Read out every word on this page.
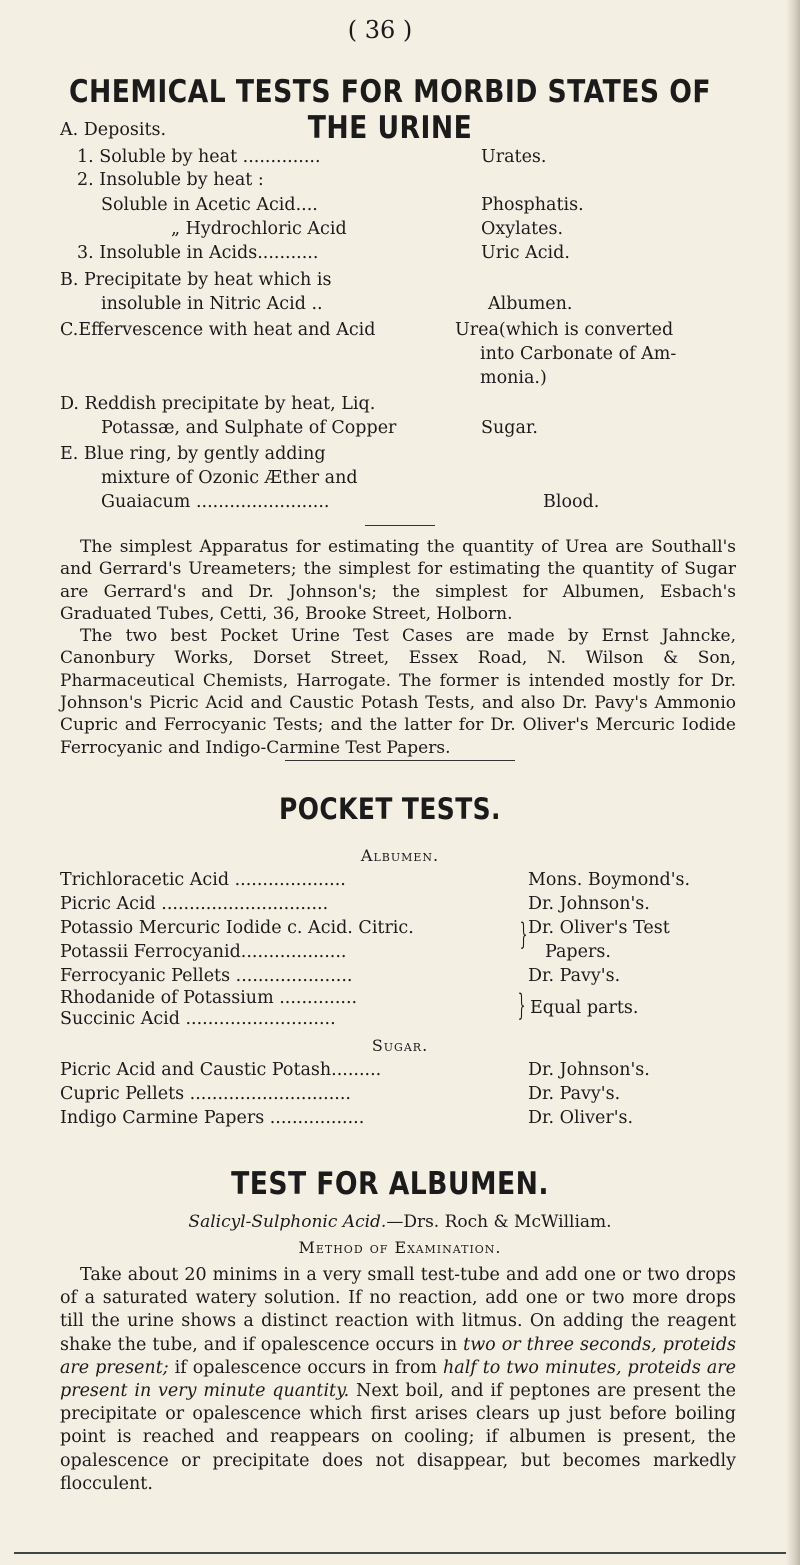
( 36 )
CHEMICAL TESTS FOR MORBID STATES OF THE URINE
A. Deposits.
1. Soluble by heat ..............	Urates.
2. Insoluble by heat :
Soluble in Acetic Acid....	Phosphatis.
„ Hydrochloric Acid	Oxylates.
3. Insoluble in Acids...........	Uric Acid.
B. Precipitate by heat which is
insoluble in Nitric Acid ..	Albumen.
C.Effervescence with heat and Acid	Urea(which is converted
into Carbonate of Am-
monia.)
D. Reddish precipitate by heat, Liq.
Potassæ, and Sulphate of Copper	Sugar.
E. Blue ring, by gently adding
mixture of Ozonic Æther and
Guaiacum ........................	Blood.

The simplest Apparatus for estimating the quantity of Urea are Southall's and Gerrard's Ureameters; the simplest for estimating the quantity of Sugar are Gerrard's and Dr. Johnson's; the simplest for Albumen, Esbach's Graduated Tubes, Cetti, 36, Brooke Street, Holborn.

The two best Pocket Urine Test Cases are made by Ernst Jahncke, Canonbury Works, Dorset Street, Essex Road, N. Wilson & Son, Pharmaceutical Chemists, Harrogate. The former is intended mostly for Dr. Johnson's Picric Acid and Caustic Potash Tests, and also Dr. Pavy's Ammonio Cupric and Ferrocyanic Tests; and the latter for Dr. Oliver's Mercuric Iodide Ferrocyanic and Indigo-Carmine Test Papers.

POCKET TESTS.
Albumen.
Trichloracetic Acid ....................	Mons. Boymond's.
Picric Acid ..............................	Dr. Johnson's.
Potassio Mercuric Iodide c. Acid. Citric.	Dr. Oliver's Test
Potassii Ferrocyanid...................	Papers.
}
Ferrocyanic Pellets .....................	Dr. Pavy's.
Rhodanide of Potassium ..............
Succinic Acid ...........................
Equal parts.
}
Sugar.
Picric Acid and Caustic Potash.........	Dr. Johnson's.
Cupric Pellets .............................	Dr. Pavy's.
Indigo Carmine Papers .................	Dr. Oliver's.
TEST FOR ALBUMEN.
Salicyl-Sulphonic Acid.—Drs. Roch & McWilliam.
Method of Examination.

Take about 20 minims in a very small test-tube and add one or two drops of a saturated watery solution. If no reaction, add one or two more drops till the urine shows a distinct reaction with litmus. On adding the reagent shake the tube, and if opalescence occurs in two or three seconds, proteids are present; if opalescence occurs in from half to two minutes, proteids are present in very minute quantity. Next boil, and if peptones are present the precipitate or opalescence which first arises clears up just before boiling point is reached and reappears on cooling; if albumen is present, the opalescence or precipitate does not disappear, but becomes markedly flocculent.
